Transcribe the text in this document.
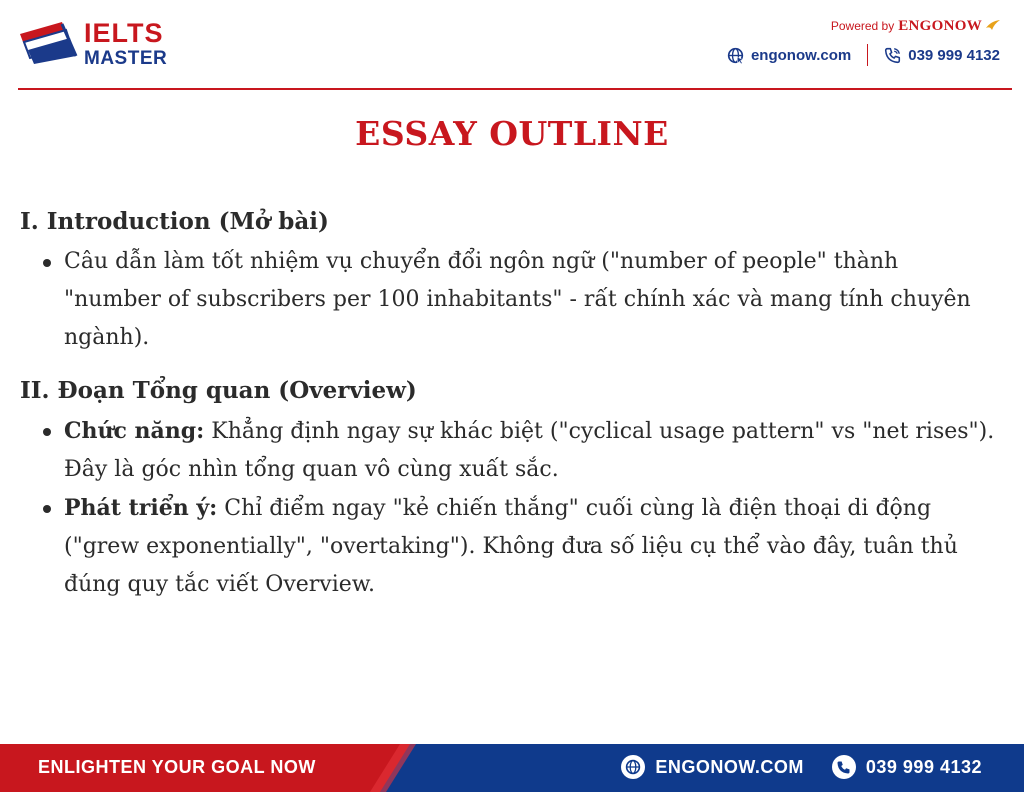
IELTS
MASTER
Powered by ENGONOW
engonow.com	039 999 4132
ESSAY OUTLINE
I. Introduction (Mở bài)
Câu dẫn làm tốt nhiệm vụ chuyển đổi ngôn ngữ ("number of people" thành "number of subscribers per 100 inhabitants" - rất chính xác và mang tính chuyên ngành).
II. Đoạn Tổng quan (Overview)
Chức năng: Khẳng định ngay sự khác biệt ("cyclical usage pattern" vs "net rises"). Đây là góc nhìn tổng quan vô cùng xuất sắc.
Phát triển ý: Chỉ điểm ngay "kẻ chiến thắng" cuối cùng là điện thoại di động ("grew exponentially", "overtaking"). Không đưa số liệu cụ thể vào đây, tuân thủ đúng quy tắc viết Overview.
ENLIGHTEN YOUR GOAL NOW	ENGONOW.COM	039 999 4132
